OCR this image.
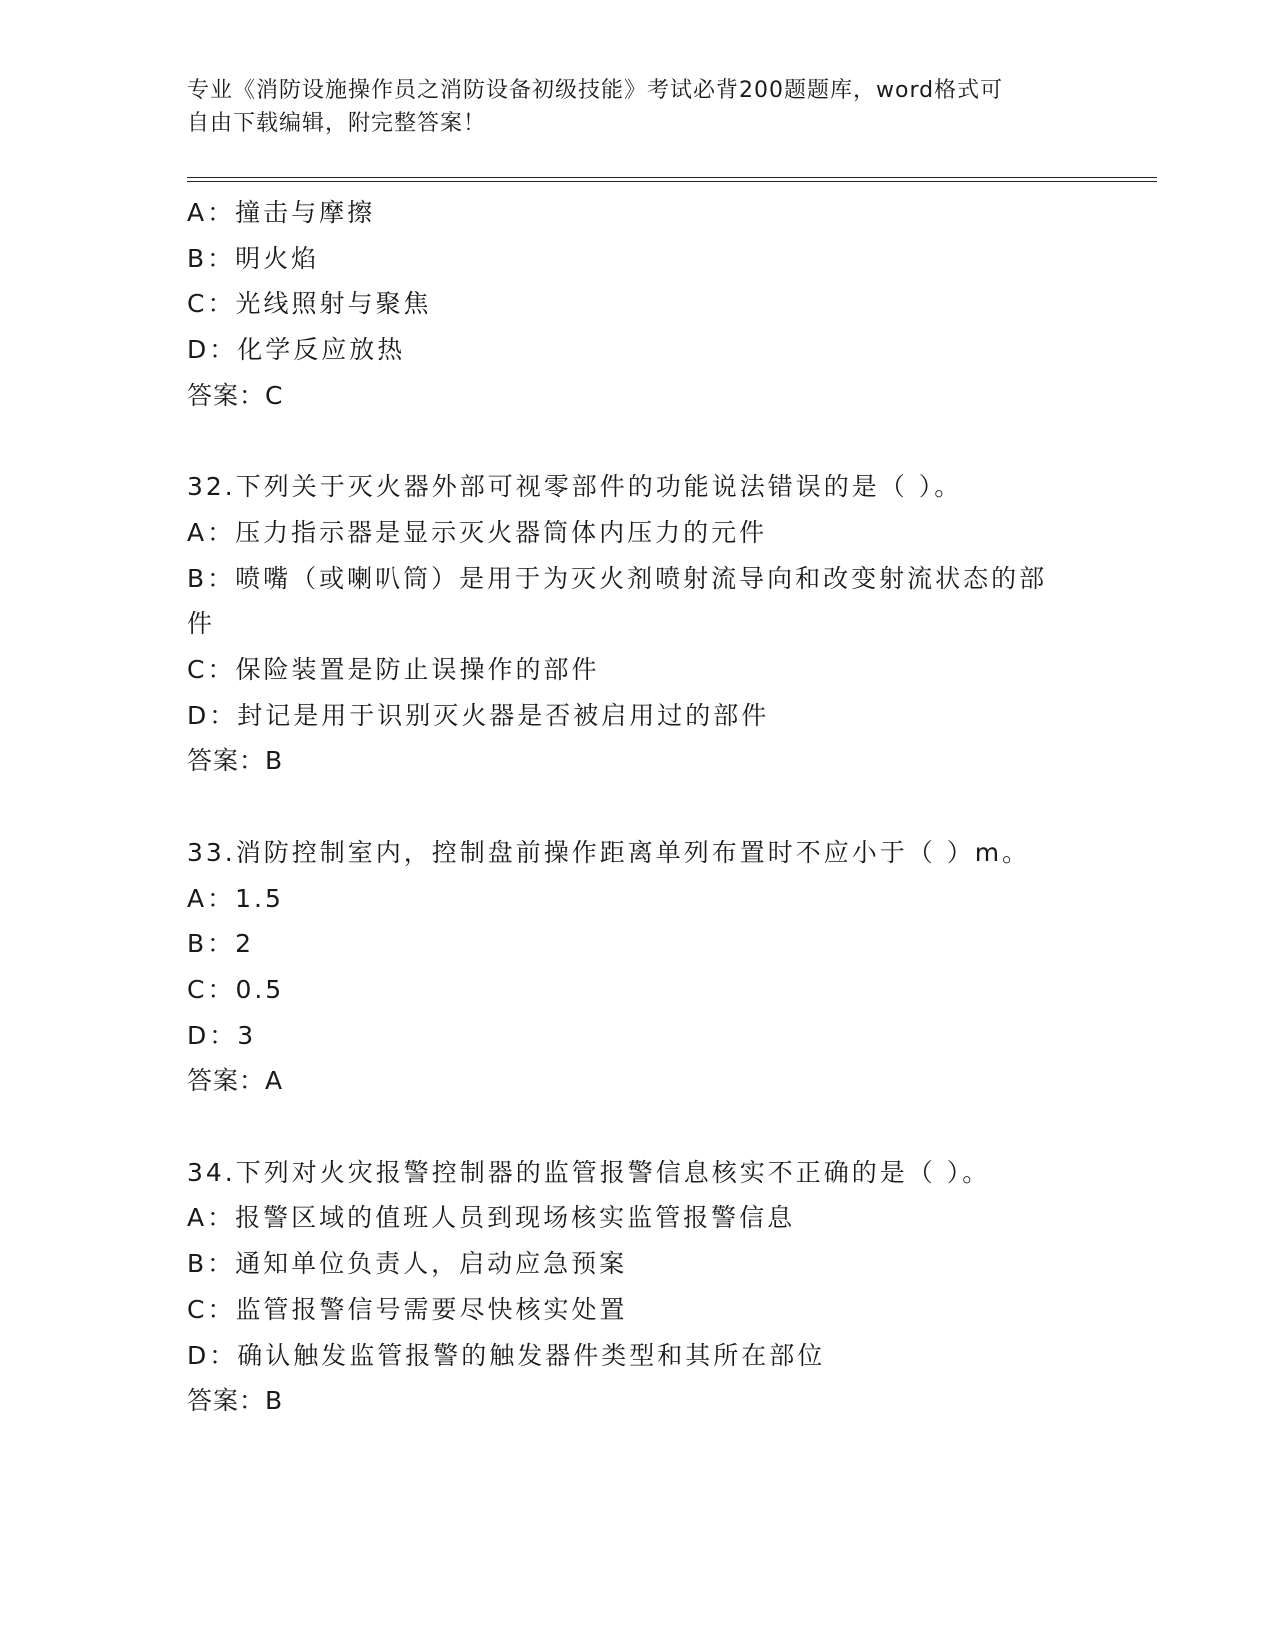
专业《消防设施操作员之消防设备初级技能》考试必背200题题库，word格式可
自由下载编辑，附完整答案！
A：撞击与摩擦
B：明火焰
C：光线照射与聚焦
D：化学反应放热
答案：C
32.下列关于灭火器外部可视零部件的功能说法错误的是（ ）。
A：压力指示器是显示灭火器筒体内压力的元件
B：喷嘴（或喇叭筒）是用于为灭火剂喷射流导向和改变射流状态的部
件
C：保险装置是防止误操作的部件
D：封记是用于识别灭火器是否被启用过的部件
答案：B
33.消防控制室内，控制盘前操作距离单列布置时不应小于（ ）m。
A：1.5
B：2
C：0.5
D：3
答案：A
34.下列对火灾报警控制器的监管报警信息核实不正确的是（ ）。
A：报警区域的值班人员到现场核实监管报警信息
B：通知单位负责人，启动应急预案
C：监管报警信号需要尽快核实处置
D：确认触发监管报警的触发器件类型和其所在部位
答案：B
